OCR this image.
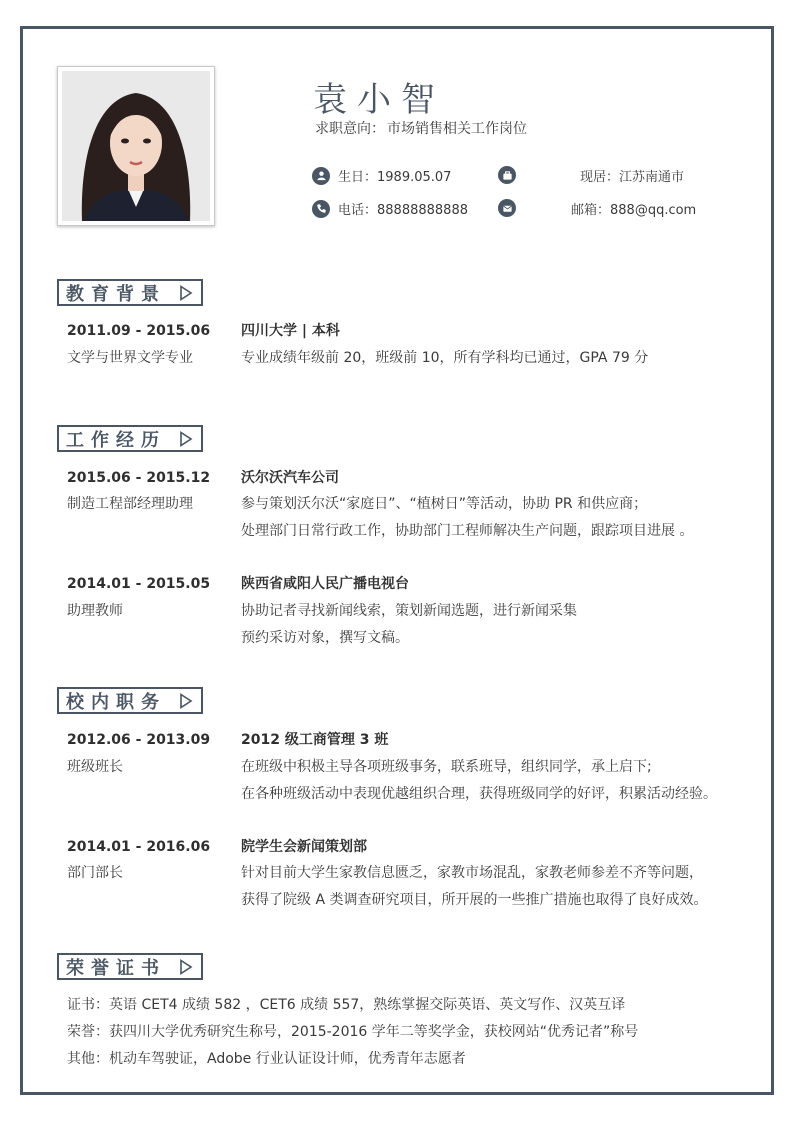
袁小智
求职意向： 市场销售相关工作岗位
生日：1989.05.07	现居：江苏南通市
电话：88888888888	邮箱：888@qq.com
教育背景
2011.09 - 2015.06
文学与世界文学专业
四川大学 | 本科
专业成绩年级前 20，班级前 10，所有学科均已通过，GPA 79 分
工作经历
2015.06 - 2015.12
制造工程部经理助理
沃尔沃汽车公司
参与策划沃尔沃“家庭日”、“植树日”等活动，协助 PR 和供应商；
处理部门日常行政工作，协助部门工程师解决生产问题，跟踪项目进展 。
2014.01 - 2015.05
助理教师
陕西省咸阳人民广播电视台
协助记者寻找新闻线索，策划新闻选题，进行新闻采集
预约采访对象，撰写文稿。
校内职务
2012.06 - 2013.09
班级班长
2012 级工商管理 3 班
在班级中积极主导各项班级事务，联系班导，组织同学，承上启下;
在各种班级活动中表现优越组织合理，获得班级同学的好评，积累活动经验。
2014.01 - 2016.06
部门部长
院学生会新闻策划部
针对目前大学生家教信息匮乏，家教市场混乱，家教老师参差不齐等问题，
获得了院级 A 类调查研究项目，所开展的一些推广措施也取得了良好成效。
荣誉证书
证书：英语 CET4 成绩 582 ，CET6 成绩 557，熟练掌握交际英语、英文写作、汉英互译
荣誉：获四川大学优秀研究生称号，2015-2016 学年二等奖学金，获校网站“优秀记者”称号
其他：机动车驾驶证，Adobe 行业认证设计师，优秀青年志愿者
